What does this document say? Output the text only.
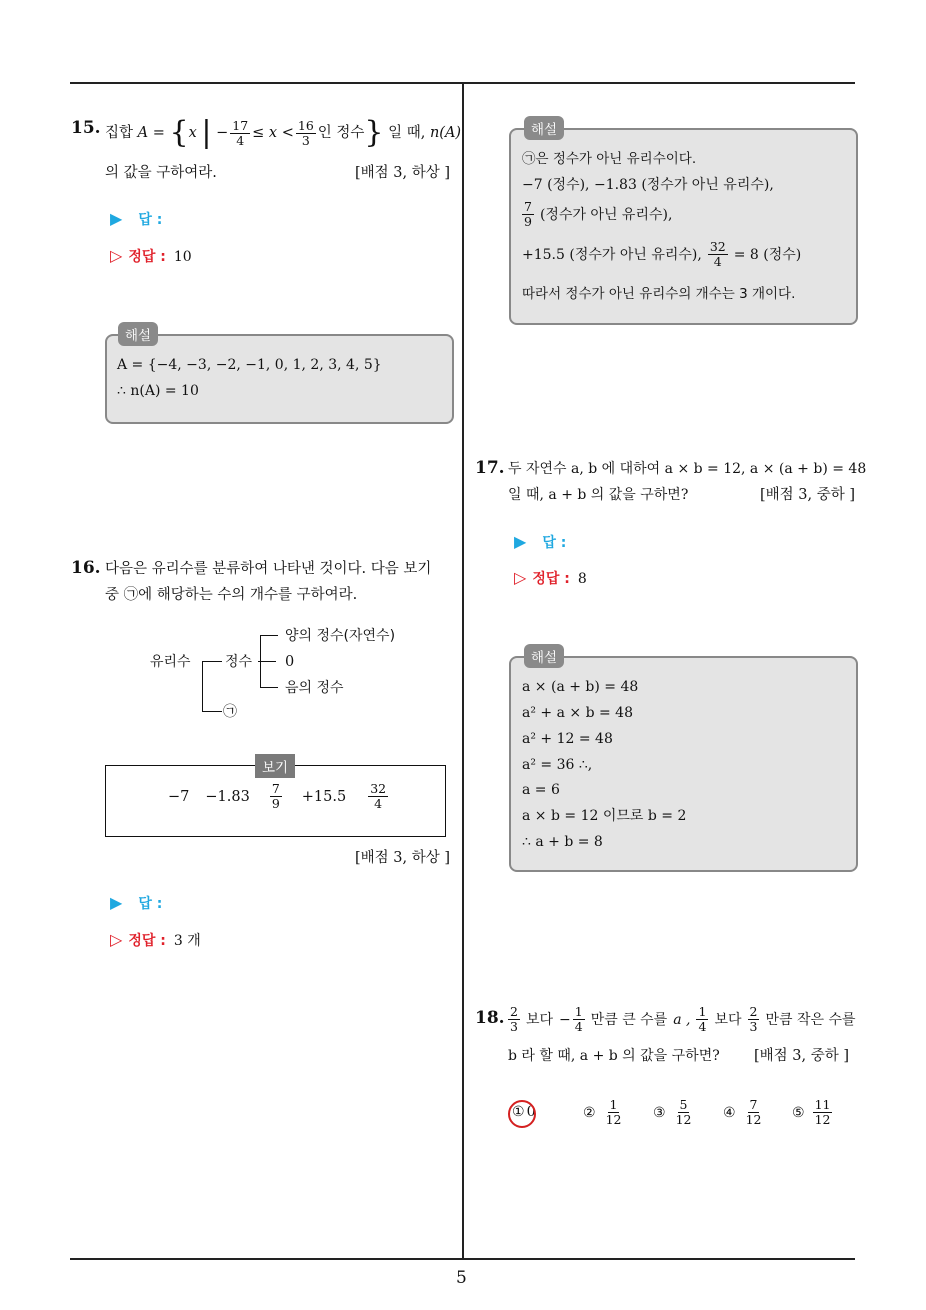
5
15. 집합
A
=
{ x
|
− $\frac{17}{4}$ ≤
x
< $\frac{16}{3}$ 인 정수 }
일 때,
n(A)
의 값을 구하여라.	[배점 3, 하상 ]
▶ 답 :
▷ 정답 : 10
해설
A = {−4, −3, −2, −1, 0, 1, 2, 3, 4, 5}
∴ n(A) = 10
16. 다음은 유리수를 분류하여 나타낸 것이다. 다음 보기
중 ㉠에 해당하는 수의 개수를 구하여라.
유리수 정수
㉠
양의 정수(자연수)
0
음의 정수
보기
$-7 -1.83 \frac{7}{9} +15.5 \frac{32}{4}$
[배점 3, 하상 ]
▶ 답 :
▷ 정답 : 3 개
해설
㉠은 정수가 아닌 유리수이다.
−7 (정수), −1.83 (정수가 아닌 유리수),
$\frac{7}{9}$ (정수가 아닌 유리수),
+15.5 (정수가 아닌 유리수), $\frac{32}{4} = 8$ (정수)
따라서 정수가 아닌 유리수의 개수는 3 개이다.
17. 두 자연수 a, b 에 대하여 a × b = 12, a × (a + b) = 48
일 때, a + b 의 값을 구하면?	[배점 3, 중하 ]
▶ 답 :
▷ 정답 : 8
해설
a × (a + b) = 48
a² + a × b = 48
a² + 12 = 48
a² = 36 ∴,
a = 6
a × b = 12 이므로 b = 2
∴ a + b = 8
18. $\frac{2}{3}$ 보다 − $\frac{1}{4}$ 만큼 큰 수를 a , $\frac{1}{4}$ 보다 $\frac{2}{3}$ 만큼 작은 수를
b 라 할 때, a + b 의 값을 구하면? [배점 3, 중하 ]
① 0	② $\frac{1}{12}$ ③ $\frac{5}{12}$ ④ $\frac{7}{12}$ ⑤ $\frac{11}{12}$
